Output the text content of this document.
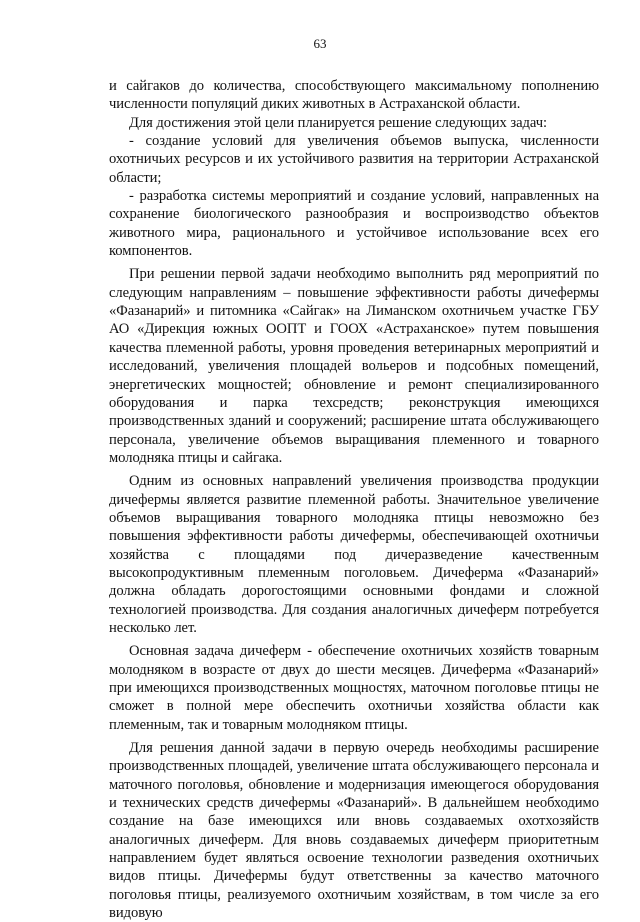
63

и сайгаков до количества, способствующего максимальному пополнению численности популяций диких животных в Астраханской области.

Для достижения этой цели планируется решение следующих задач:

- создание условий для увеличения объемов выпуска, численности охотничьих ресурсов и их устойчивого развития на территории Астраханской области;

- разработка системы мероприятий и создание условий, направленных на сохранение биологического разнообразия и воспроизводство объектов животного мира, рационального и устойчивое использование всех его компонентов.

При решении первой задачи необходимо выполнить ряд мероприятий по следующим направлениям – повышение эффективности работы дичефермы «Фазанарий» и питомника «Сайгак» на Лиманском охотничьем участке ГБУ АО «Дирекция южных ООПТ и ГООХ «Астраханское» путем повышения качества племенной работы, уровня проведения ветеринарных мероприятий и исследований, увеличения площадей вольеров и подсобных помещений, энергетических мощностей; обновление и ремонт специализированного оборудования и парка техсредств; реконструкция имеющихся производственных зданий и сооружений; расширение штата обслуживающего персонала, увеличение объемов выращивания племенного и товарного молодняка птицы и сайгака.

Одним из основных направлений увеличения производства продукции дичефермы является развитие племенной работы. Значительное увеличение объемов выращивания товарного молодняка птицы невозможно без повышения эффективности работы дичефермы, обеспечивающей охотничьи хозяйства с площадями под дичеразведение качественным высокопродуктивным племенным поголовьем. Дичеферма «Фазанарий» должна обладать дорогостоящими основными фондами и сложной технологией производства. Для создания аналогичных дичеферм потребуется несколько лет.

Основная задача дичеферм - обеспечение охотничьих хозяйств товарным молодняком в возрасте от двух до шести месяцев. Дичеферма «Фазанарий» при имеющихся производственных мощностях, маточном поголовье птицы не сможет в полной мере обеспечить охотничьи хозяйства области как племенным, так и товарным молодняком птицы.

Для решения данной задачи в первую очередь необходимы расширение производственных площадей, увеличение штата обслуживающего персонала и маточного поголовья, обновление и модернизация имеющегося оборудования и технических средств дичефермы «Фазанарий». В дальнейшем необходимо создание на базе имеющихся или вновь создаваемых охотхозяйств аналогичных дичеферм. Для вновь создаваемых дичеферм приоритетным направлением будет являться освоение технологии разведения охотничьих видов птицы. Дичефермы будут ответственны за качество маточного поголовья птицы, реализуемого охотничьим хозяйствам, в том числе за его видовую
